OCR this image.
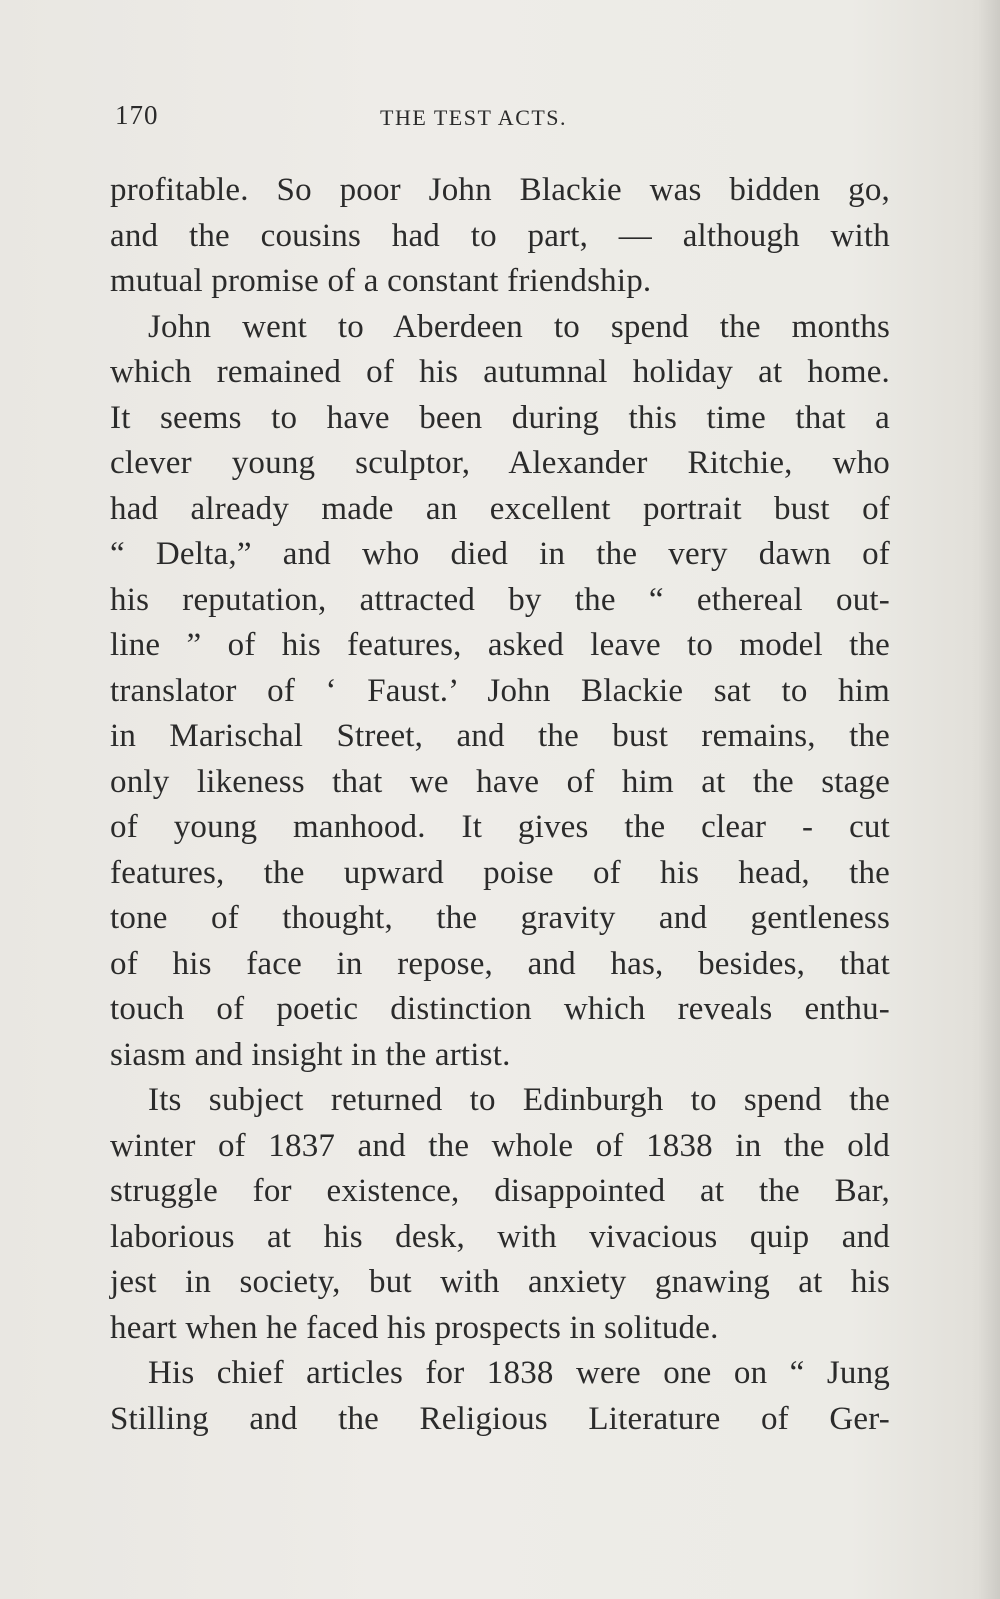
170	THE TEST ACTS.
profitable. So poor John Blackie was bidden go,
and the cousins had to part, — although with
mutual promise of a constant friendship.
John went to Aberdeen to spend the months
which remained of his autumnal holiday at home.
It seems to have been during this time that a
clever young sculptor, Alexander Ritchie, who
had already made an excellent portrait bust of
“ Delta,” and who died in the very dawn of
his reputation, attracted by the “ ethereal out-
line ” of his features, asked leave to model the
translator of ‘ Faust.’ John Blackie sat to him
in Marischal Street, and the bust remains, the
only likeness that we have of him at the stage
of young manhood. It gives the clear - cut
features, the upward poise of his head, the
tone of thought, the gravity and gentleness
of his face in repose, and has, besides, that
touch of poetic distinction which reveals enthu-
siasm and insight in the artist.
Its subject returned to Edinburgh to spend the
winter of 1837 and the whole of 1838 in the old
struggle for existence, disappointed at the Bar,
laborious at his desk, with vivacious quip and
jest in society, but with anxiety gnawing at his
heart when he faced his prospects in solitude.
His chief articles for 1838 were one on “ Jung
Stilling and the Religious Literature of Ger-
